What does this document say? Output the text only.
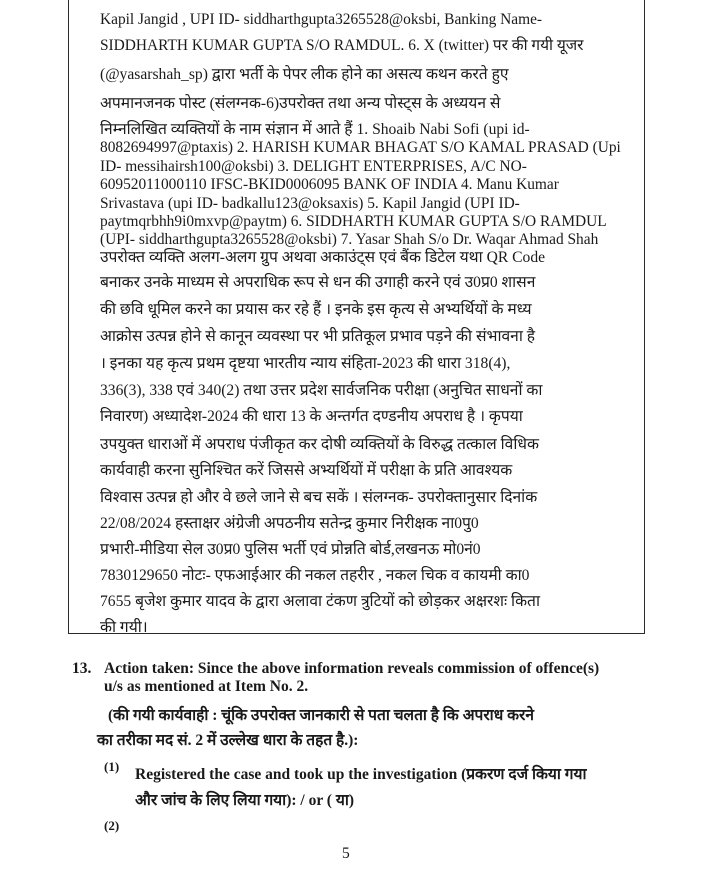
Kapil Jangid , UPI ID- siddharthgupta3265528@oksbi, Banking Name-
SIDDHARTH KUMAR GUPTA S/O RAMDUL. 6. X (twitter) पर की गयी यूजर
(@yasarshah_sp) द्वारा भर्ती के पेपर लीक होने का असत्य कथन करते हुए
अपमानजनक पोस्ट (संलग्नक-6)उपरोक्त तथा अन्य पोस्ट्स के अध्ययन से
निम्नलिखित व्यक्तियों के नाम संज्ञान में आते हैं 1. Shoaib Nabi Sofi (upi id-
8082694997@ptaxis) 2. HARISH KUMAR BHAGAT S/O KAMAL PRASAD (Upi
ID- messihairsh100@oksbi) 3. DELIGHT ENTERPRISES, A/C NO-
60952011000110 IFSC-BKID0006095 BANK OF INDIA 4. Manu Kumar
Srivastava (upi ID- badkallu123@oksaxis) 5. Kapil Jangid (UPI ID-
paytmqrbhh9i0mxvp@paytm) 6. SIDDHARTH KUMAR GUPTA S/O RAMDUL
(UPI- siddharthgupta3265528@oksbi) 7. Yasar Shah S/o Dr. Waqar Ahmad Shah
उपरोक्त व्यक्ति अलग-अलग ग्रुप अथवा अकाउंट्स एवं बैंक डिटेल यथा QR Code
बनाकर उनके माध्यम से अपराधिक रूप से धन की उगाही करने एवं उ0प्र0 शासन
की छवि धूमिल करने का प्रयास कर रहे हैं । इनके इस कृत्य से अभ्यर्थियों के मध्य
आक्रोस उत्पन्न होने से कानून व्यवस्था पर भी प्रतिकूल प्रभाव पड़ने की संभावना है
। इनका यह कृत्य प्रथम दृष्टया भारतीय न्याय संहिता-2023 की धारा 318(4),
336(3), 338 एवं 340(2) तथा उत्तर प्रदेश सार्वजनिक परीक्षा (अनुचित साधनों का
निवारण) अध्यादेश-2024 की धारा 13 के अन्तर्गत दण्डनीय अपराध है । कृपया
उपयुक्त धाराओं में अपराध पंजीकृत कर दोषी व्यक्तियों के विरुद्ध तत्काल विधिक
कार्यवाही करना सुनिश्चित करें जिससे अभ्यर्थियों में परीक्षा के प्रति आवश्यक
विश्वास उत्पन्न हो और वे छले जाने से बच सकें । संलग्नक- उपरोक्तानुसार दिनांक
22/08/2024 हस्ताक्षर अंग्रेजी अपठनीय सतेन्द्र कुमार निरीक्षक ना0पु0
प्रभारी-मीडिया सेल उ0प्र0 पुलिस भर्ती एवं प्रोन्नति बोर्ड,लखनऊ मो0नं0
7830129650 नोटः- एफआईआर की नकल तहरीर , नकल चिक व कायमी का0
7655 बृजेश कुमार यादव के द्वारा अलावा टंकण त्रुटियों को छोड़कर अक्षरशः किता
की गयी।
13. Action taken: Since the above information reveals commission of offence(s)
u/s as mentioned at Item No. 2.
(की गयी कार्यवाही : चूंकि उपरोक्त जानकारी से पता चलता है कि अपराध करने
का तरीका मद सं. 2 में उल्लेख धारा के तहत है.):
(1) Registered the case and took up the investigation (प्रकरण दर्ज किया गया
और जांच के लिए लिया गया): / or ( या)
(2)
5
